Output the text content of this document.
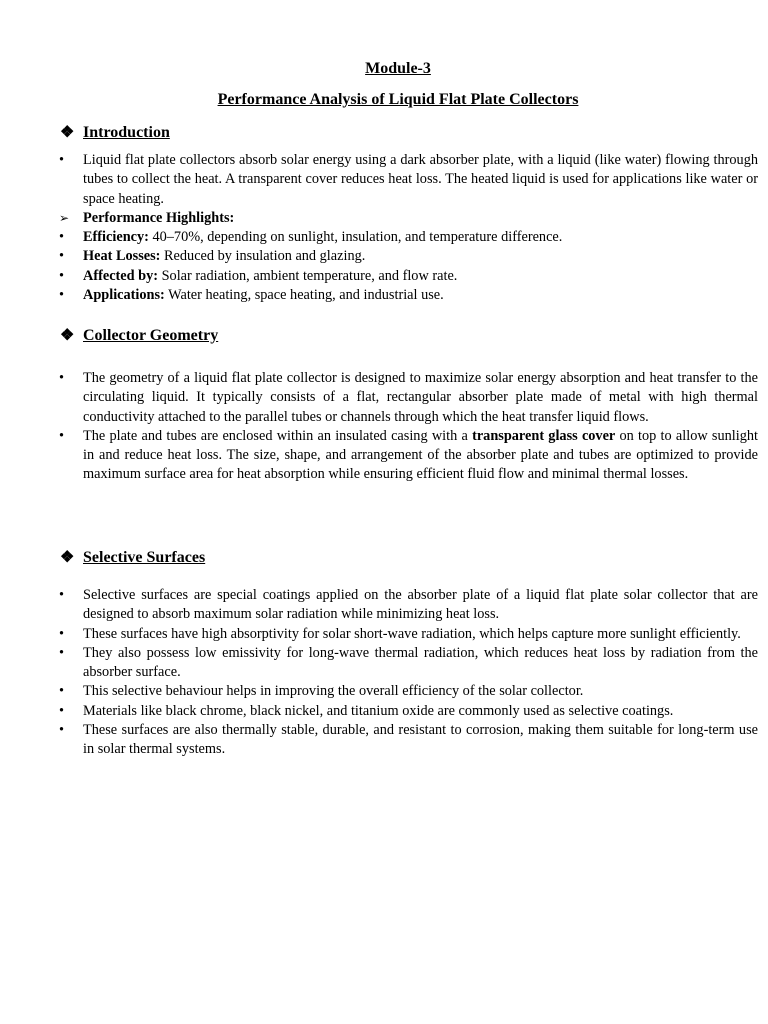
Module-3
Performance Analysis of Liquid Flat Plate Collectors
❖ Introduction
•	Liquid flat plate collectors absorb solar energy using a dark absorber plate, with a liquid (like water) flowing through tubes to collect the heat. A transparent cover reduces heat loss. The heated liquid is used for applications like water or space heating.
➢ Performance Highlights:
•	Efficiency: 40–70%, depending on sunlight, insulation, and temperature difference.
•	Heat Losses: Reduced by insulation and glazing.
•	Affected by: Solar radiation, ambient temperature, and flow rate.
•	Applications: Water heating, space heating, and industrial use.
❖ Collector Geometry
•	The geometry of a liquid flat plate collector is designed to maximize solar energy absorption and heat transfer to the circulating liquid. It typically consists of a flat, rectangular absorber plate made of metal with high thermal conductivity attached to the parallel tubes or channels through which the heat transfer liquid flows.
•	The plate and tubes are enclosed within an insulated casing with a transparent glass cover on top to allow sunlight in and reduce heat loss. The size, shape, and arrangement of the absorber plate and tubes are optimized to provide maximum surface area for heat absorption while ensuring efficient fluid flow and minimal thermal losses.
❖ Selective Surfaces
•	Selective surfaces are special coatings applied on the absorber plate of a liquid flat plate solar collector that are designed to absorb maximum solar radiation while minimizing heat loss.
•	These surfaces have high absorptivity for solar short-wave radiation, which helps capture more sunlight efficiently.
•	They also possess low emissivity for long-wave thermal radiation, which reduces heat loss by radiation from the absorber surface.
•	This selective behaviour helps in improving the overall efficiency of the solar collector.
•	Materials like black chrome, black nickel, and titanium oxide are commonly used as selective coatings.
•	These surfaces are also thermally stable, durable, and resistant to corrosion, making them suitable for long-term use in solar thermal systems.
